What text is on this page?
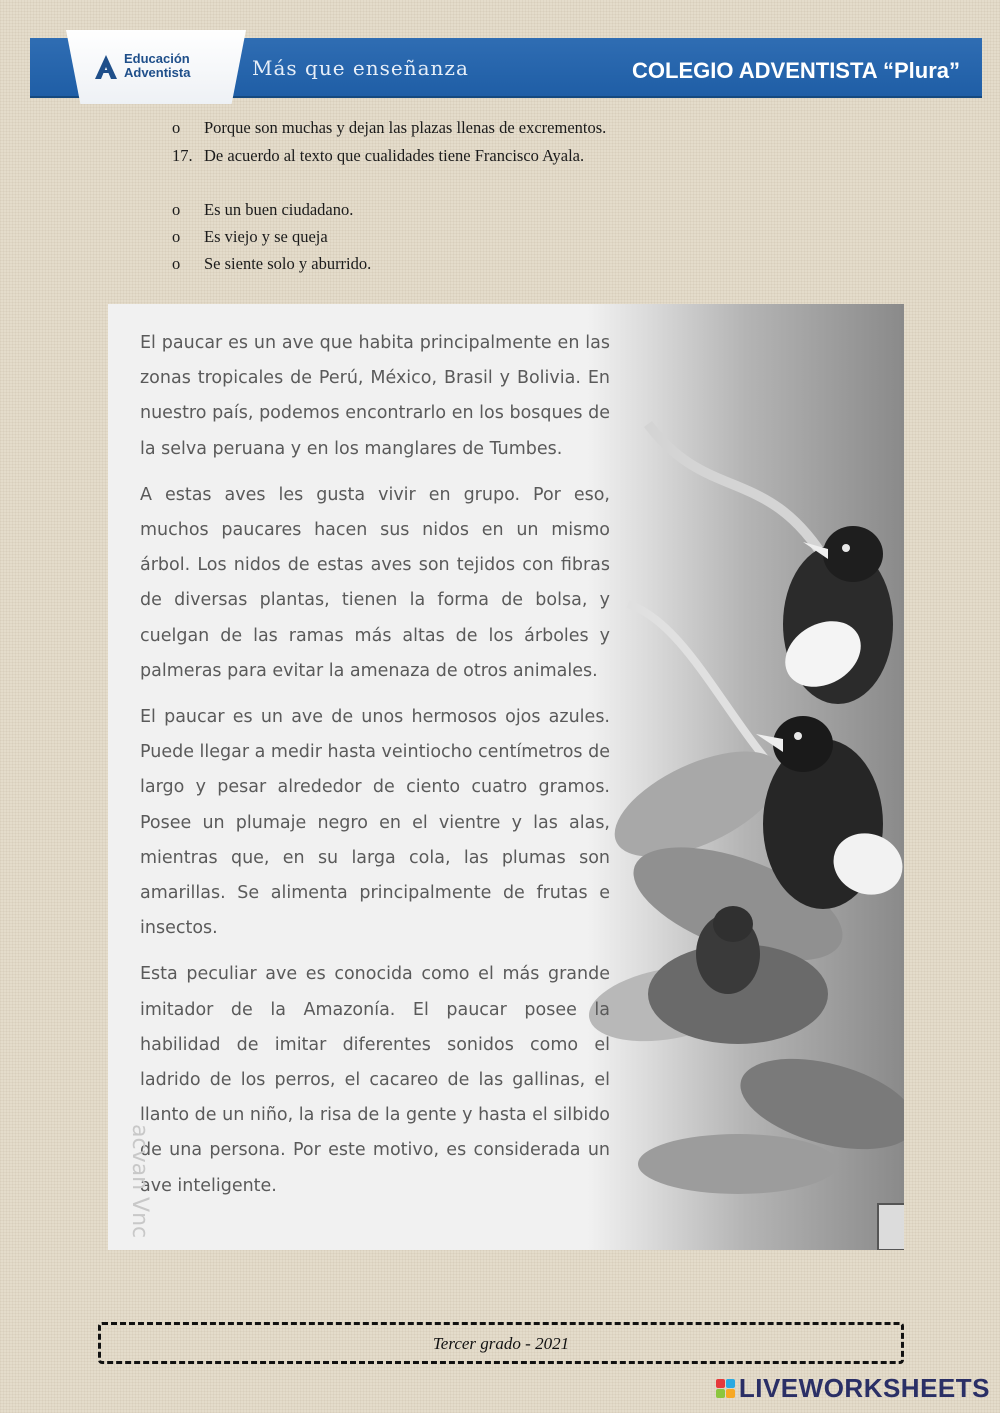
Educación
Adventista	Más que enseñanza	COLEGIO ADVENTISTA “Plura”
o Porque son muchas y dejan las plazas llenas de excrementos.
17. De acuerdo al texto que cualidades tiene Francisco Ayala.
o Es un buen ciudadano.
o Es viejo y se queja
o Se siente solo y aburrido.

El paucar es un ave que habita principalmente en las zonas tropicales de Perú, México, Brasil y Bolivia. En nuestro país, podemos encontrarlo en los bosques de la selva peruana y en los manglares de Tumbes.

A estas aves les gusta vivir en grupo. Por eso, muchos paucares hacen sus nidos en un mismo árbol. Los nidos de estas aves son tejidos con fibras de diversas plantas, tienen la forma de bolsa, y cuelgan de las ramas más altas de los árboles y palmeras para evitar la amenaza de otros animales.

El paucar es un ave de unos hermosos ojos azules. Puede llegar a medir hasta veintiocho centímetros de largo y pesar alrededor de ciento cuatro gramos. Posee un plumaje negro en el vientre y las alas, mientras que, en su larga cola, las plumas son amarillas. Se alimenta principalmente de frutas e insectos.

Esta peculiar ave es conocida como el más grande imitador de la Amazonía. El paucar posee la habilidad de imitar diferentes sonidos como el ladrido de los perros, el cacareo de las gallinas, el llanto de un niño, la risa de la gente y hasta el silbido de una persona. Por este motivo, es considerada un ave inteligente.

acvan Vnc
Tercer grado - 2021
LIVEWORKSHEETS
